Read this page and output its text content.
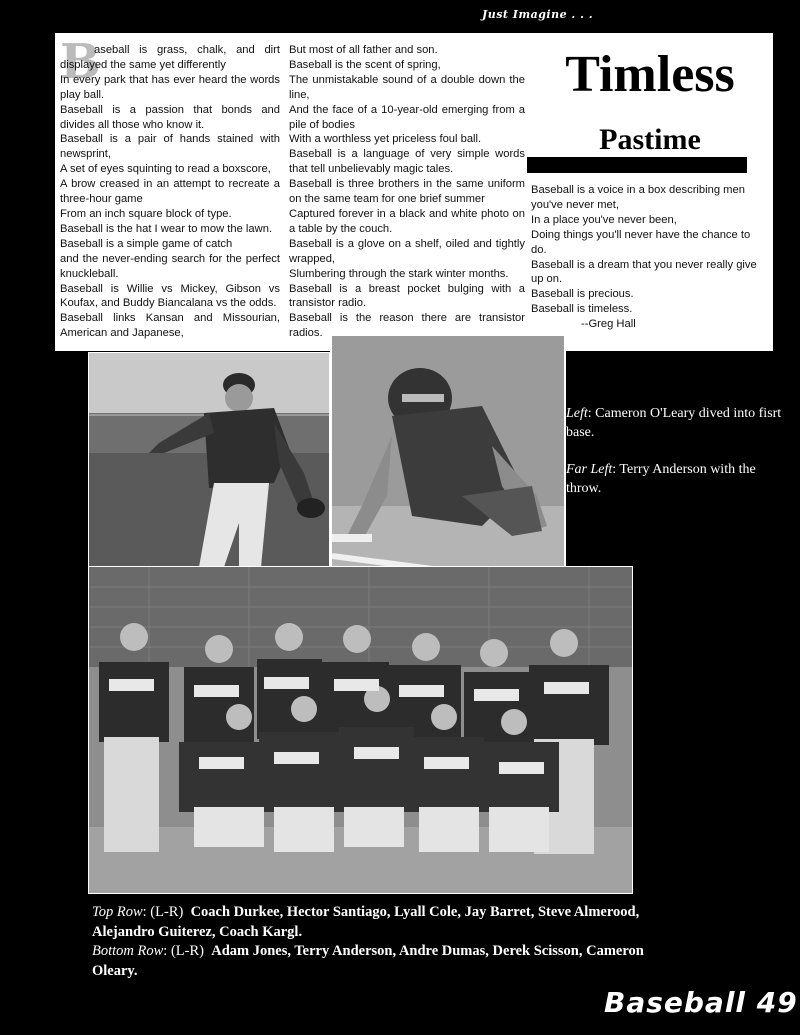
Just Imagine . . .
B

aseball is grass, chalk, and dirt displayed the same yet differently

In every park that has ever heard the words play ball.

Baseball is a passion that bonds and divides all those who know it.

Baseball is a pair of hands stained with newsprint,

A set of eyes squinting to read a boxscore,

A brow creased in an attempt to recreate a three-hour game

From an inch square block of type.

Baseball is the hat I wear to mow the lawn.

Baseball is a simple game of catch

and the never-ending search for the perfect knuckleball.

Baseball is Willie vs Mickey, Gibson vs Koufax, and Buddy Biancalana vs the odds.

Baseball links Kansan and Missourian, American and Japanese,

But most of all father and son.

Baseball is the scent of spring,

The unmistakable sound of a double down the line,

And the face of a 10-year-old emerging from a pile of bodies

With a worthless yet priceless foul ball.

Baseball is a language of very simple words that tell unbelievably magic tales.

Baseball is three brothers in the same uniform on the same team for one brief summer

Captured forever in a black and white photo on a table by the couch.

Baseball is a glove on a shelf, oiled and tightly wrapped,

Slumbering through the stark winter months.

Baseball is a breast pocket bulging with a transistor radio.

Baseball is the reason there are transistor radios.

Timless
Pastime

Baseball is a voice in a box describing men you've never met,

In a place you've never been,

Doing things you'll never have the chance to do.

Baseball is a dream that you never really give up on.

Baseball is precious.

Baseball is timeless.

--Greg Hall

Left: Cameron O'Leary dived into fisrt base.
Far Left: Terry Anderson with the throw.
Top Row: (L-R) Coach Durkee, Hector Santiago, Lyall Cole, Jay Barret, Steve Almerood, Alejandro Guiterez, Coach Kargl.
Bottom Row: (L-R) Adam Jones, Terry Anderson, Andre Dumas, Derek Scisson, Cameron Oleary.
Baseball 49
